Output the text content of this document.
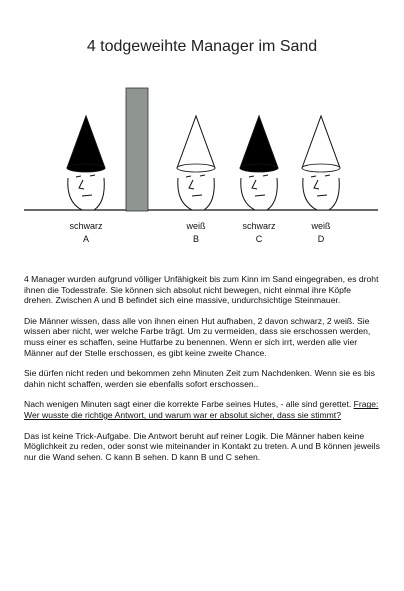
4 todgeweihte Manager im Sand
schwarz
A
weiß
B
schwarz
C
weiß
D

4 Manager wurden aufgrund völliger Unfähigkeit bis zum Kinn im Sand eingegraben, es droht ihnen die Todesstrafe. Sie können sich absolut nicht bewegen, nicht einmal ihre Köpfe drehen. Zwischen A und B befindet sich eine massive, undurchsichtige Steinmauer.

Die Männer wissen, dass alle von ihnen einen Hut aufhaben, 2 davon schwarz, 2 weiß. Sie wissen aber nicht, wer welche Farbe trägt. Um zu vermeiden, dass sie erschossen werden, muss einer es schaffen, seine Hutfarbe zu benennen. Wenn er sich irrt, werden alle vier Männer auf der Stelle erschossen, es gibt keine zweite Chance.

Sie dürfen nicht reden und bekommen zehn Minuten Zeit zum Nachdenken. Wenn sie es bis dahin nicht schaffen, werden sie ebenfalls sofort erschossen..

Nach wenigen Minuten sagt einer die korrekte Farbe seines Hutes, - alle sind gerettet. Frage: Wer wusste die richtige Antwort, und warum war er absolut sicher, dass sie stimmt?

Das ist keine Trick-Aufgabe. Die Antwort beruht auf reiner Logik. Die Männer haben keine Möglichkeit zu reden, oder sonst wie miteinander in Kontakt zu treten. A und B können jeweils nur die Wand sehen. C kann B sehen. D kann B und C sehen.
